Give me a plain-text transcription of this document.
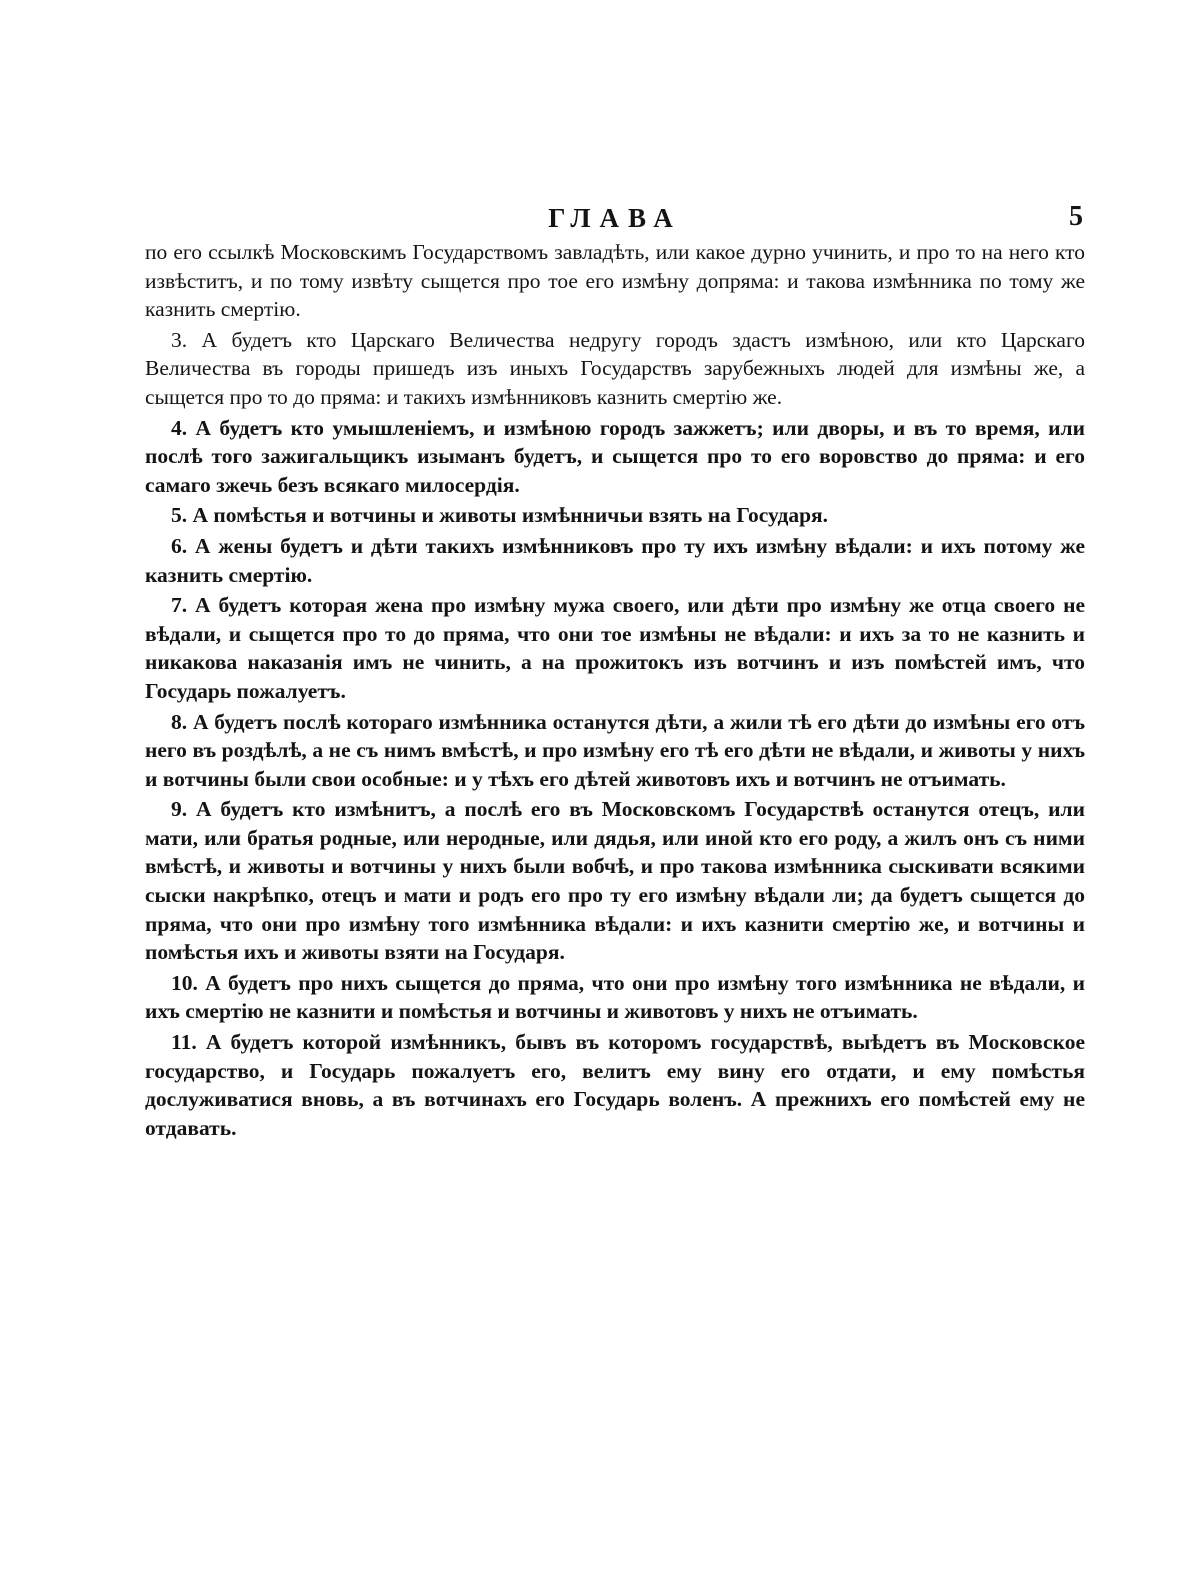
ГЛАВА	5

по его ссылкѣ Московскимъ Государствомъ завладѣть, или какое дурно учинить, и про то на него кто извѣститъ, и по тому извѣту сыщется про тое его измѣну допряма: и такова измѣнника по тому же казнить смертію.

3. А будетъ кто Царскаго Величества недругу городъ здастъ измѣною, или кто Царскаго Величества въ городы пришедъ изъ иныхъ Государствъ зарубежныхъ людей для измѣны же, а сыщется про то до пряма: и такихъ измѣнниковъ казнить смертію же.

4. А будетъ кто умышленіемъ, и измѣною городъ зажжетъ; или дворы, и въ то время, или послѣ того зажигальщикъ изыманъ будетъ, и сыщется про то его воровство до пряма: и его самаго зжечь безъ всякаго милосердія.

5. А помѣстья и вотчины и животы измѣнничьи взять на Государя.

6. А жены будетъ и дѣти такихъ измѣнниковъ про ту ихъ измѣну вѣдали: и ихъ потому же казнить смертію.

7. А будетъ которая жена про измѣну мужа своего, или дѣти про измѣну же отца своего не вѣдали, и сыщется про то до пряма, что они тое измѣны не вѣдали: и ихъ за то не казнить и никакова наказанія имъ не чинить, а на прожитокъ изъ вотчинъ и изъ помѣстей имъ, что Государь пожалуетъ.

8. А будетъ послѣ котораго измѣнника останутся дѣти, а жили тѣ его дѣти до измѣны его отъ него въ роздѣлѣ, а не съ нимъ вмѣстѣ, и про измѣну его тѣ его дѣти не вѣдали, и животы у нихъ и вотчины были свои особные: и у тѣхъ его дѣтей животовъ ихъ и вотчинъ не отъимать.

9. А будетъ кто измѣнитъ, а послѣ его въ Московскомъ Государствѣ останутся отецъ, или мати, или братья родные, или неродные, или дядья, или иной кто его роду, а жилъ онъ съ ними вмѣстѣ, и животы и вотчины у нихъ были вобчѣ, и про такова измѣнника сыскивати всякими сыски накрѣпко, отецъ и мати и родъ его про ту его измѣну вѣдали ли; да будетъ сыщется до пряма, что они про измѣну того измѣнника вѣдали: и ихъ казнити смертію же, и вотчины и помѣстья ихъ и животы взяти на Государя.

10. А будетъ про нихъ сыщется до пряма, что они про измѣну того измѣнника не вѣдали, и ихъ смертію не казнити и помѣстья и вотчины и животовъ у нихъ не отъимать.

11. А будетъ которой измѣнникъ, бывъ въ которомъ государствѣ, выѣдетъ въ Московское государство, и Государь пожалуетъ его, велитъ ему вину его отдати, и ему помѣстья дослуживатися вновь, а въ вотчинахъ его Государь воленъ. А прежнихъ его помѣстей ему не отдавать.
